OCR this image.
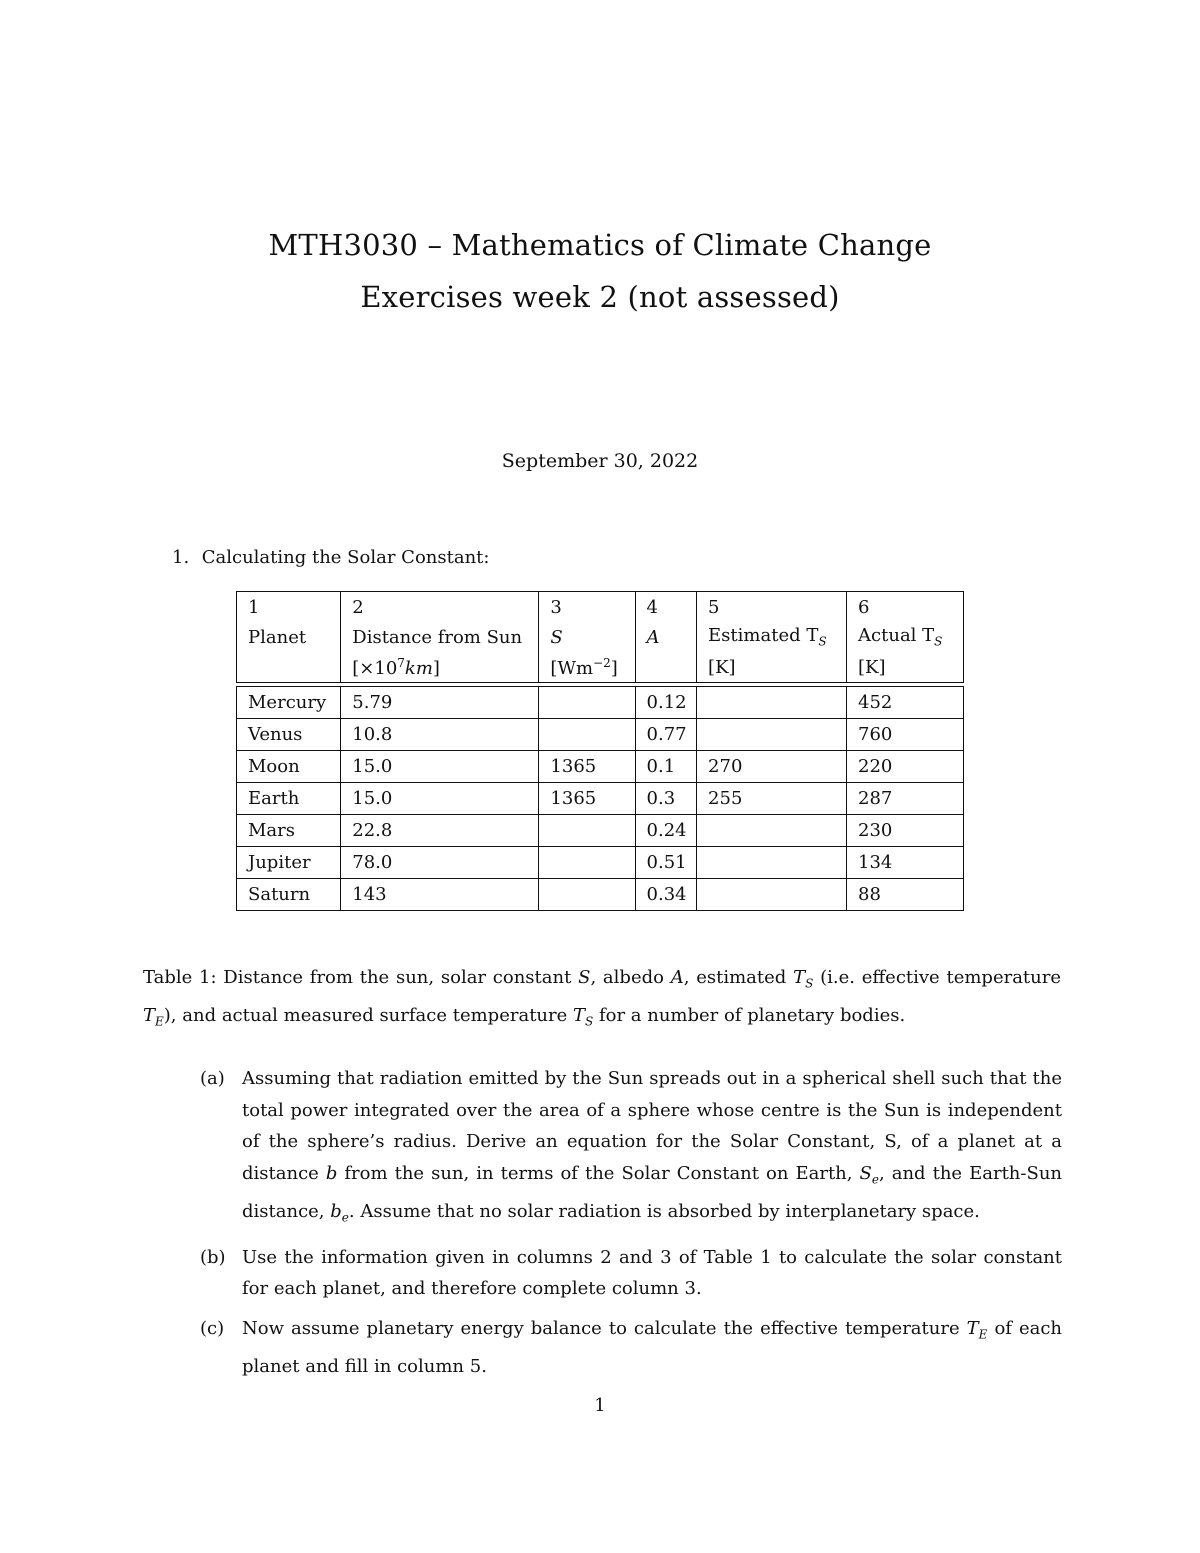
MTH3030 – Mathematics of Climate Change
Exercises week 2 (not assessed)
September 30, 2022
1. Calculating the Solar Constant:
1	2	3	4	5	6
Planet	Distance from Sun	S	A	Estimated $T_S$	Actual $T_S$
	$[\times 10^7km]$	$[Wm^{-2}]$		[K]	[K]

Mercury	5.79		0.12		452
Venus	10.8		0.77		760
Moon	15.0	1365	0.1	270	220
Earth	15.0	1365	0.3	255	287
Mars	22.8		0.24		230
Jupiter	78.0		0.51		134
Saturn	143		0.34		88
Table 1: Distance from the sun, solar constant S, albedo A, estimated $T_S$ (i.e. effective temperature $T_E$), and actual measured surface temperature $T_S$ for a number of planetary bodies.
(a) Assuming that radiation emitted by the Sun spreads out in a spherical shell such that the total power integrated over the area of a sphere whose centre is the Sun is independent of the sphere’s radius. Derive an equation for the Solar Constant, S, of a planet at a distance b from the sun, in terms of the Solar Constant on Earth, $S_e$, and the Earth-Sun distance, $b_e$. Assume that no solar radiation is absorbed by interplanetary space.
(b) Use the information given in columns 2 and 3 of Table 1 to calculate the solar constant for each planet, and therefore complete column 3.
(c) Now assume planetary energy balance to calculate the effective temperature $T_E$ of each planet and fill in column 5.
1
